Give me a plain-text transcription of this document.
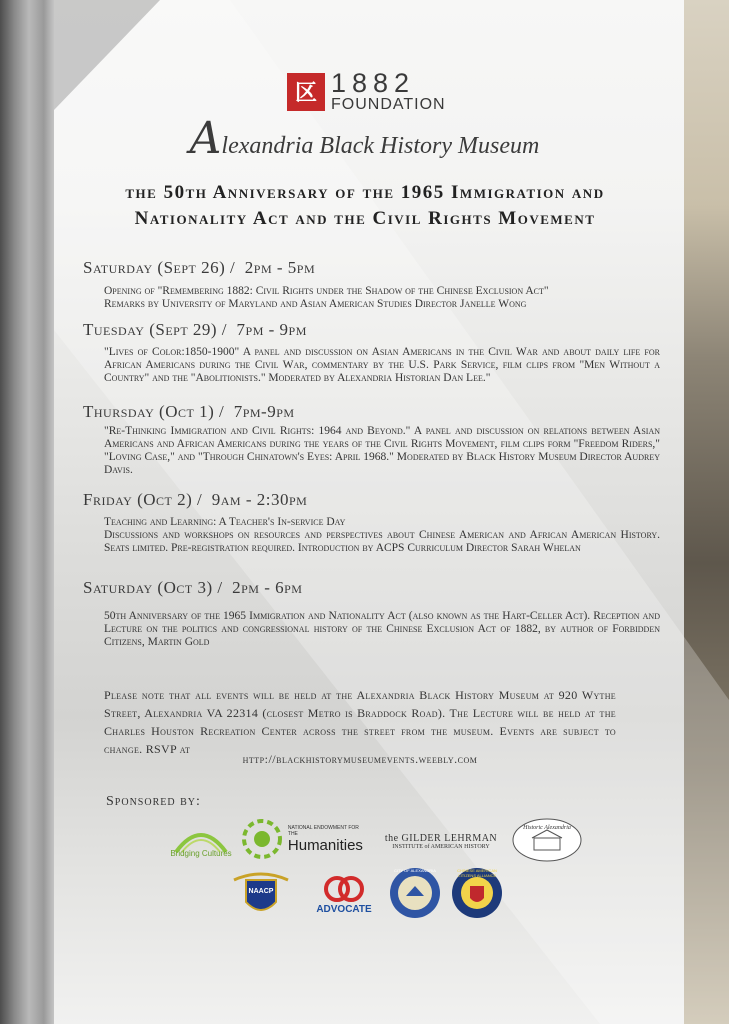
区 1882
FOUNDATION
Alexandria Black History Museum
the 50th Anniversary of the 1965 Immigration and
Nationality Act and the Civil Rights Movement
Saturday (Sept 26) / 2pm - 5pm
Opening of "Remembering 1882: Civil Rights under the Shadow of the Chinese Exclusion Act"
Remarks by University of Maryland and Asian American Studies Director Janelle Wong
Tuesday (Sept 29) / 7pm - 9pm
"Lives of Color:1850-1900" A panel and discussion on Asian Americans in the Civil War and about daily life for African Americans during the Civil War, commentary by the U.S. Park Service, film clips from "Men Without a Country" and the "Abolitionists." Moderated by Alexandria Historian Dan Lee."
Thursday (Oct 1) / 7pm-9pm
"Re-Thinking Immigration and Civil Rights: 1964 and Beyond." A panel and discussion on relations between Asian Americans and African Americans during the years of the Civil Rights Movement, film clips form "Freedom Riders," "Loving Case," and "Through Chinatown's Eyes: April 1968." Moderated by Black History Museum Director Audrey Davis.
Friday (Oct 2) / 9am - 2:30pm
Teaching and Learning: A Teacher's In-service Day
Discussions and workshops on resources and perspectives about Chinese American and African American History. Seats limited. Pre-registration required. Introduction by ACPS Curriculum Director Sarah Whelan
Saturday (Oct 3) / 2pm - 6pm
50th Anniversary of the 1965 Immigration and Nationality Act (also known as the Hart-Celler Act). Reception and Lecture on the politics and congressional history of the Chinese Exclusion Act of 1882, by author of Forbidden Citizens, Martin Gold
Please note that all events will be held at the Alexandria Black History Museum at 920 Wythe Street, Alexandria VA 22314 (closest Metro is Braddock Road). The Lecture will be held at the Charles Houston Recreation Center across the street from the museum. Events are subject to change. RSVP at
http://blackhistorymuseumevents.weebly.com
Sponsored by:
Bridging Cultures
NATIONAL ENDOWMENT FOR THE
Humanities	the GILDER LEHRMAN
INSTITUTE of AMERICAN HISTORY
Historic Alexandria
NAACP
ADVOCATE
CITY OF ALEXANDRIA	CHINESE AMERICAN CITIZENS ALLIANCE
